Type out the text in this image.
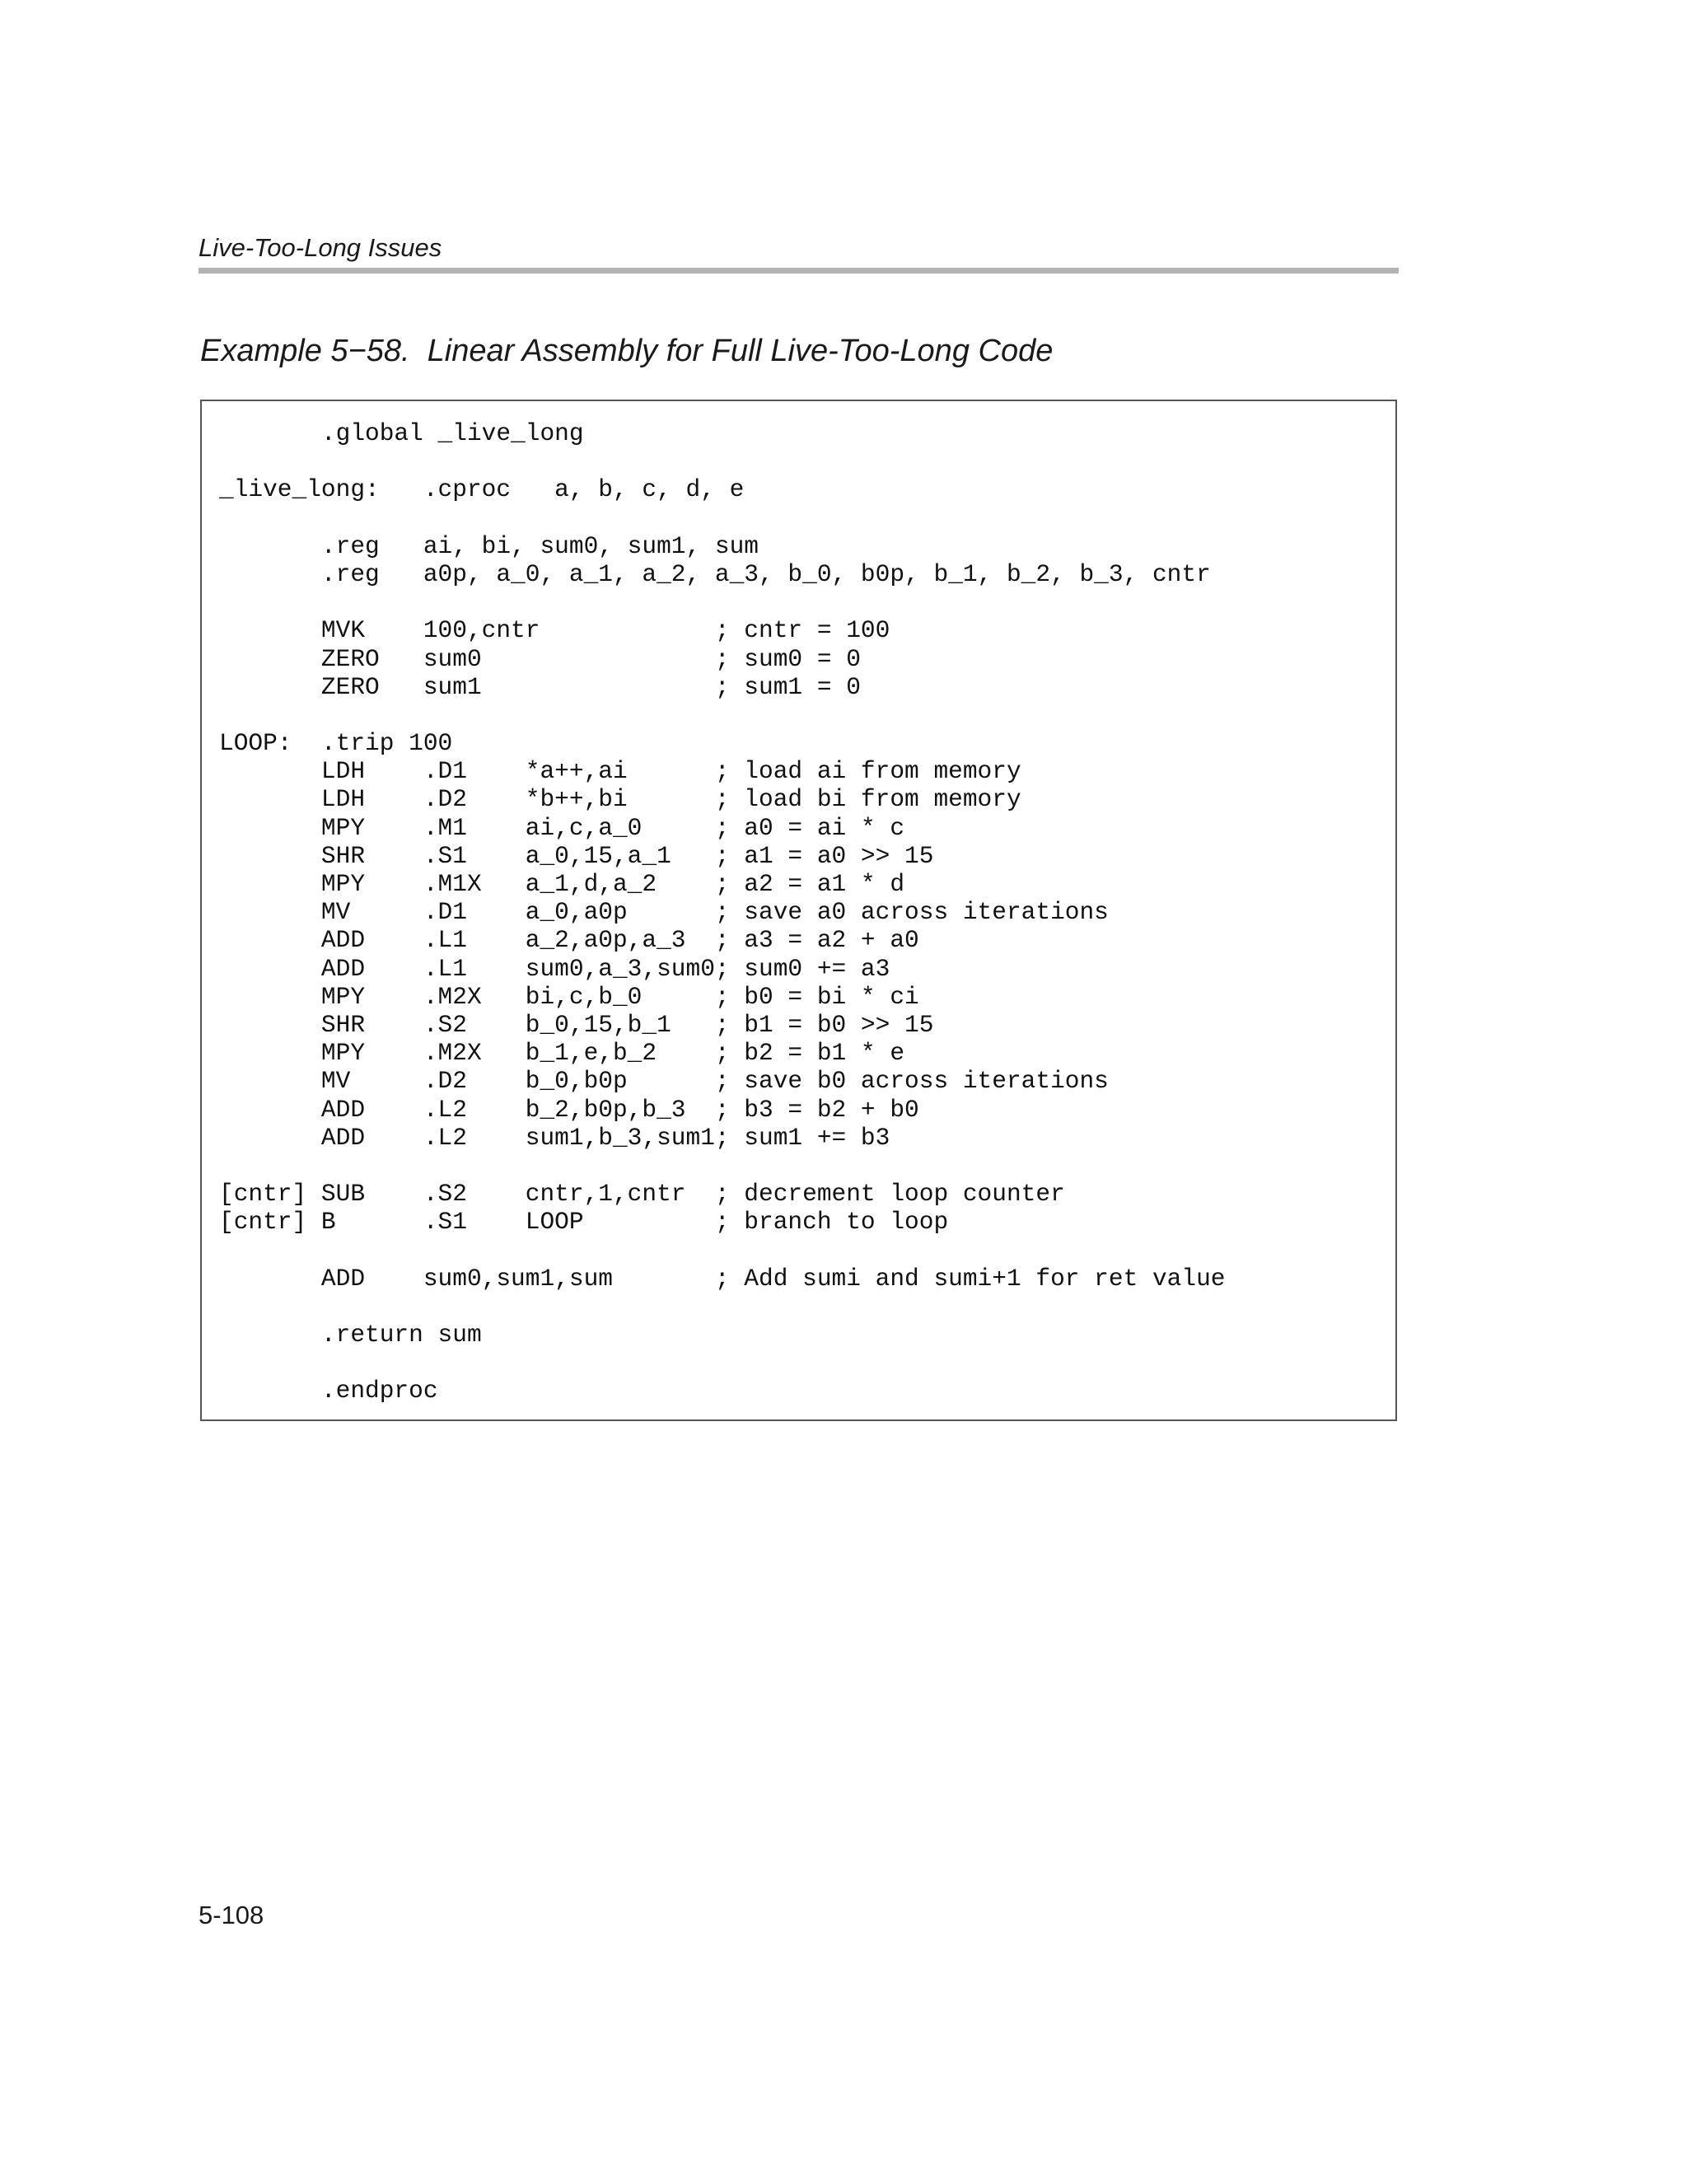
Live-Too-Long Issues
Example 5−58.  Linear Assembly for Full Live-Too-Long Code
.global _live_long
_live_long:   .cproc   a, b, c, d, e
.reg   ai, bi, sum0, sum1, sum
.reg   a0p, a_0, a_1, a_2, a_3, b_0, b0p, b_1, b_2, b_3, cntr
MVK    100,cntr            ; cntr = 100
ZERO   sum0                ; sum0 = 0
ZERO   sum1                ; sum1 = 0
LOOP:  .trip 100
LDH    .D1    *a++,ai      ; load ai from memory
LDH    .D2    *b++,bi      ; load bi from memory
MPY    .M1    ai,c,a_0     ; a0 = ai * c
SHR    .S1    a_0,15,a_1   ; a1 = a0 >> 15
MPY    .M1X   a_1,d,a_2    ; a2 = a1 * d
MV     .D1    a_0,a0p      ; save a0 across iterations
ADD    .L1    a_2,a0p,a_3  ; a3 = a2 + a0
ADD    .L1    sum0,a_3,sum0; sum0 += a3
MPY    .M2X   bi,c,b_0     ; b0 = bi * ci
SHR    .S2    b_0,15,b_1   ; b1 = b0 >> 15
MPY    .M2X   b_1,e,b_2    ; b2 = b1 * e
MV     .D2    b_0,b0p      ; save b0 across iterations
ADD    .L2    b_2,b0p,b_3  ; b3 = b2 + b0
ADD    .L2    sum1,b_3,sum1; sum1 += b3
[cntr] SUB    .S2    cntr,1,cntr  ; decrement loop counter
[cntr] B      .S1    LOOP         ; branch to loop
ADD    sum0,sum1,sum       ; Add sumi and sumi+1 for ret value
.return sum
.endproc
5-108
